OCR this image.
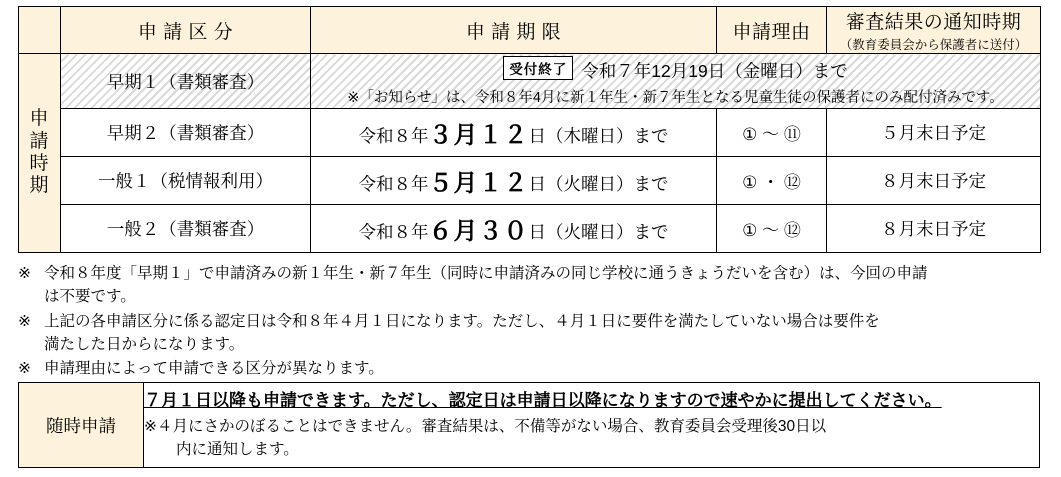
	申 請 区 分	申 請 期 限	申請理由	審査結果の通知時期
（教育委員会から保護者に送付）

申
請
時
期	早期１（書類審査）	受付終了 令和７年12月19日（金曜日）まで
※「お知らせ」は、令和８年4月に新１年生・新７年生となる児童生徒の保護者にのみ配付済みです。		

	早期２（書類審査）	令和８年３月１２日（木曜日）まで	① ～ ⑪	５月末日予定
	一般１（税情報利用）	令和８年５月１２日（火曜日）まで	① ・ ⑫	８月末日予定
	一般２（書類審査）	令和８年６月３０日（火曜日）まで	① ～ ⑫	８月末日予定
※ 令和８年度「早期１」で申請済みの新１年生・新７年生（同時に申請済みの同じ学校に通うきょうだいを含む）は、今回の申請
は不要です。
※ 上記の各申請区分に係る認定日は令和８年４月１日になります。ただし、４月１日に要件を満たしていない場合は要件を
満たした日からになります。
※ 申請理由によって申請できる区分が異なります。
随時申請	
７月１日以降も申請できます。ただし、認定日は申請日以降になりますので速やかに提出してください。
※４月にさかのぼることはできません。審査結果は、不備等がない場合、教育委員会受理後30日以
内に通知します。
